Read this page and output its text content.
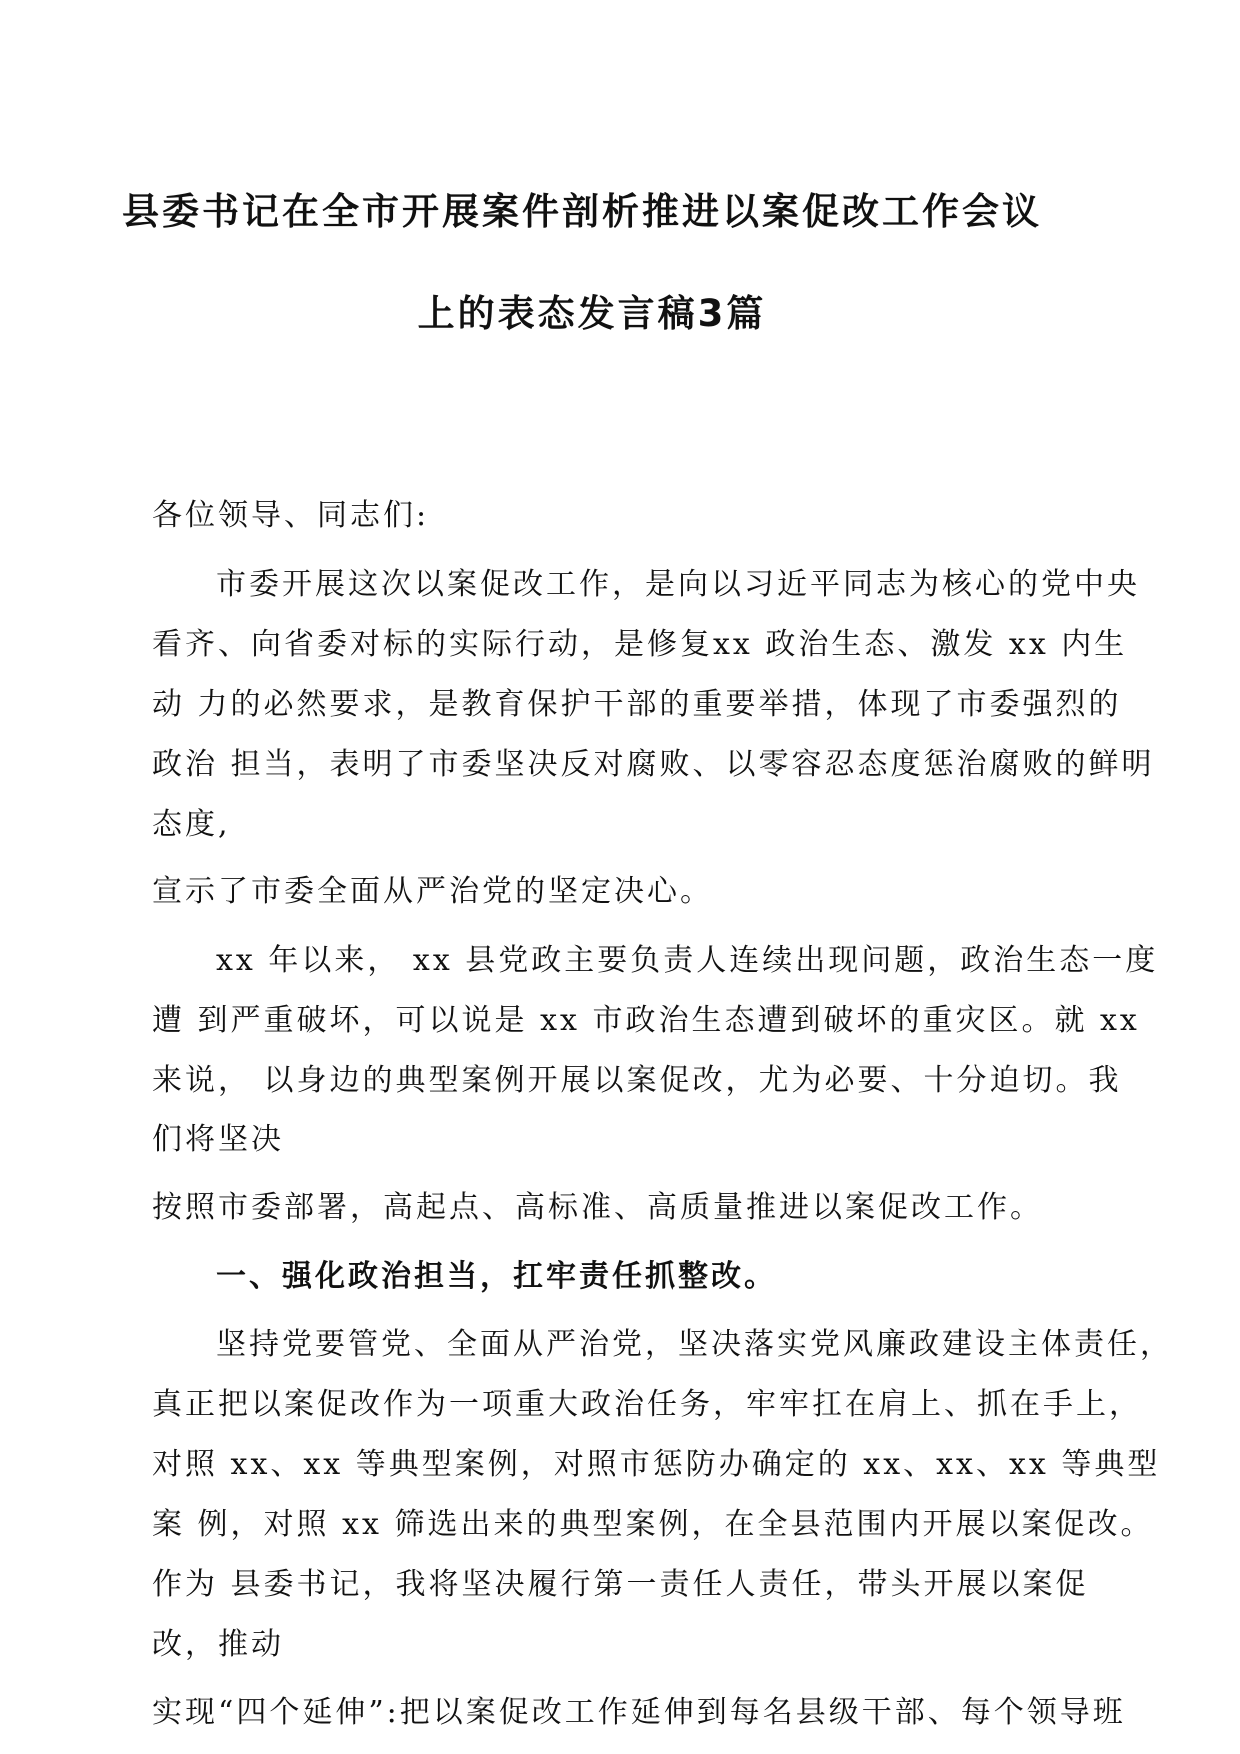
县委书记在全市开展案件剖析推进以案促改工作会议
上的表态发言稿3篇

各位领导、同志们:

市委开展这次以案促改工作，是向以习近平同志为核心的党中央

看齐、向省委对标的实际行动，是修复xx 政治生态、激发 xx 内生

动 力的必然要求，是教育保护干部的重要举措，体现了市委强烈的

政治 担当，表明了市委坚决反对腐败、以零容忍态度惩治腐败的鲜明

态度,

宣示了市委全面从严治党的坚定决心。

xx 年以来， xx 县党政主要负责人连续出现问题，政治生态一度

遭 到严重破坏，可以说是 xx 市政治生态遭到破坏的重灾区。就 xx

来说， 以身边的典型案例开展以案促改，尤为必要、十分迫切。我

们将坚决

按照市委部署，高起点、高标准、高质量推进以案促改工作。

一、强化政治担当，扛牢责任抓整改。

坚持党要管党、全面从严治党，坚决落实党风廉政建设主体责任，

真正把以案促改作为一项重大政治任务，牢牢扛在肩上、抓在手上，

对照 xx、xx 等典型案例，对照市惩防办确定的 xx、xx、xx 等典型

案 例，对照 xx 筛选出来的典型案例，在全县范围内开展以案促改。

作为 县委书记，我将坚决履行第一责任人责任，带头开展以案促

改，推动

实现“四个延伸”:把以案促改工作延伸到每名县级干部、每个领导班
